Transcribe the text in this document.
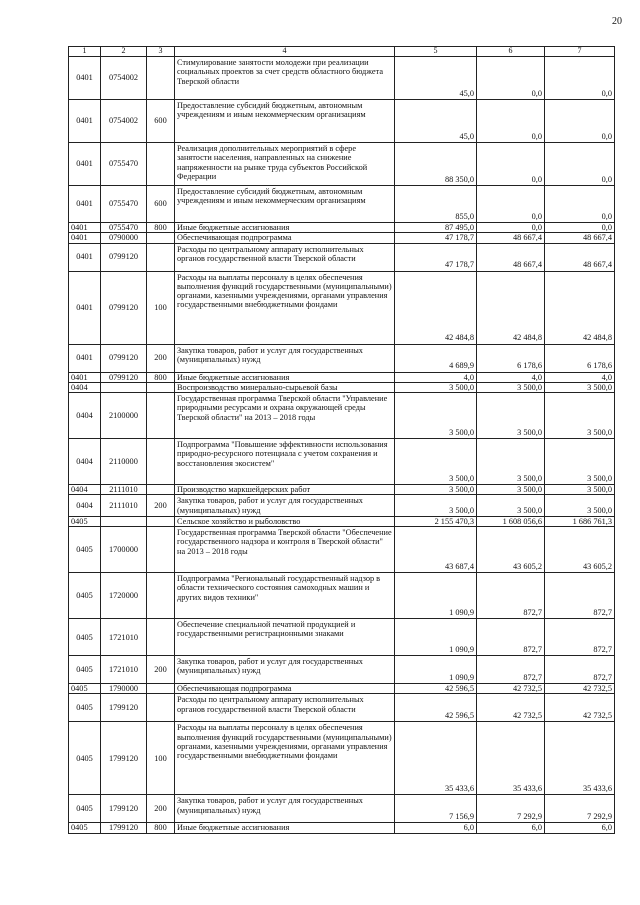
20
1	2	3	4	5	6	7
0401	0754002		Стимулирование занятости молодежи при реализации социальных проектов за счет средств областного бюджета Тверской области	45,0	0,0	0,0
0401	0754002	600	Предоставление субсидий бюджетным, автономным учреждениям и иным некоммерческим организациям	45,0	0,0	0,0
0401	0755470		Реализация дополнительных мероприятий в сфере занятости населения, направленных на снижение напряженности на рынке труда субъектов Российской Федерации	88 350,0	0,0	0,0
0401	0755470	600	Предоставление субсидий бюджетным, автономным учреждениям и иным некоммерческим организациям	855,0	0,0	0,0
0401	0755470	800	Иные бюджетные ассигнования	87 495,0	0,0	0,0
0401	0790000		Обеспечивающая подпрограмма	47 178,7	48 667,4	48 667,4
0401	0799120		Расходы по центральному аппарату исполнительных органов государственной власти Тверской области	47 178,7	48 667,4	48 667,4
0401	0799120	100	Расходы на выплаты персоналу в целях обеспечения выполнения функций государственными (муниципальными) органами, казенными учреждениями, органами управления государственными внебюджетными фондами	42 484,8	42 484,8	42 484,8
0401	0799120	200	Закупка товаров, работ и услуг для государственных (муниципальных) нужд	4 689,9	6 178,6	6 178,6
0401	0799120	800	Иные бюджетные ассигнования	4,0	4,0	4,0
0404			Воспроизводство минерально-сырьевой базы	3 500,0	3 500,0	3 500,0
0404	2100000		Государственная программа Тверской области "Управление природными ресурсами и охрана окружающей среды Тверской области" на 2013 – 2018 годы	3 500,0	3 500,0	3 500,0
0404	2110000		Подпрограмма "Повышение эффективности использования природно-ресурсного потенциала с учетом сохранения и восстановления экосистем"	3 500,0	3 500,0	3 500,0
0404	2111010		Производство маркшейдерских работ	3 500,0	3 500,0	3 500,0
0404	2111010	200	Закупка товаров, работ и услуг для государственных (муниципальных) нужд	3 500,0	3 500,0	3 500,0
0405			Сельское хозяйство и рыболовство	2 155 470,3	1 608 056,6	1 686 761,3
0405	1700000		Государственная программа Тверской области "Обеспечение государственного надзора и контроля в Тверской области" на 2013 – 2018 годы	43 687,4	43 605,2	43 605,2
0405	1720000		Подпрограмма "Региональный государственный надзор в области технического состояния самоходных машин и других видов техники"	1 090,9	872,7	872,7
0405	1721010		Обеспечение специальной печатной продукцией и государственными регистрационными знаками	1 090,9	872,7	872,7
0405	1721010	200	Закупка товаров, работ и услуг для государственных (муниципальных) нужд	1 090,9	872,7	872,7
0405	1790000		Обеспечивающая подпрограмма	42 596,5	42 732,5	42 732,5
0405	1799120		Расходы по центральному аппарату исполнительных органов государственной власти Тверской области	42 596,5	42 732,5	42 732,5
0405	1799120	100	Расходы на выплаты персоналу в целях обеспечения выполнения функций государственными (муниципальными) органами, казенными учреждениями, органами управления государственными внебюджетными фондами	35 433,6	35 433,6	35 433,6
0405	1799120	200	Закупка товаров, работ и услуг для государственных (муниципальных) нужд	7 156,9	7 292,9	7 292,9
0405	1799120	800	Иные бюджетные ассигнования	6,0	6,0	6,0
